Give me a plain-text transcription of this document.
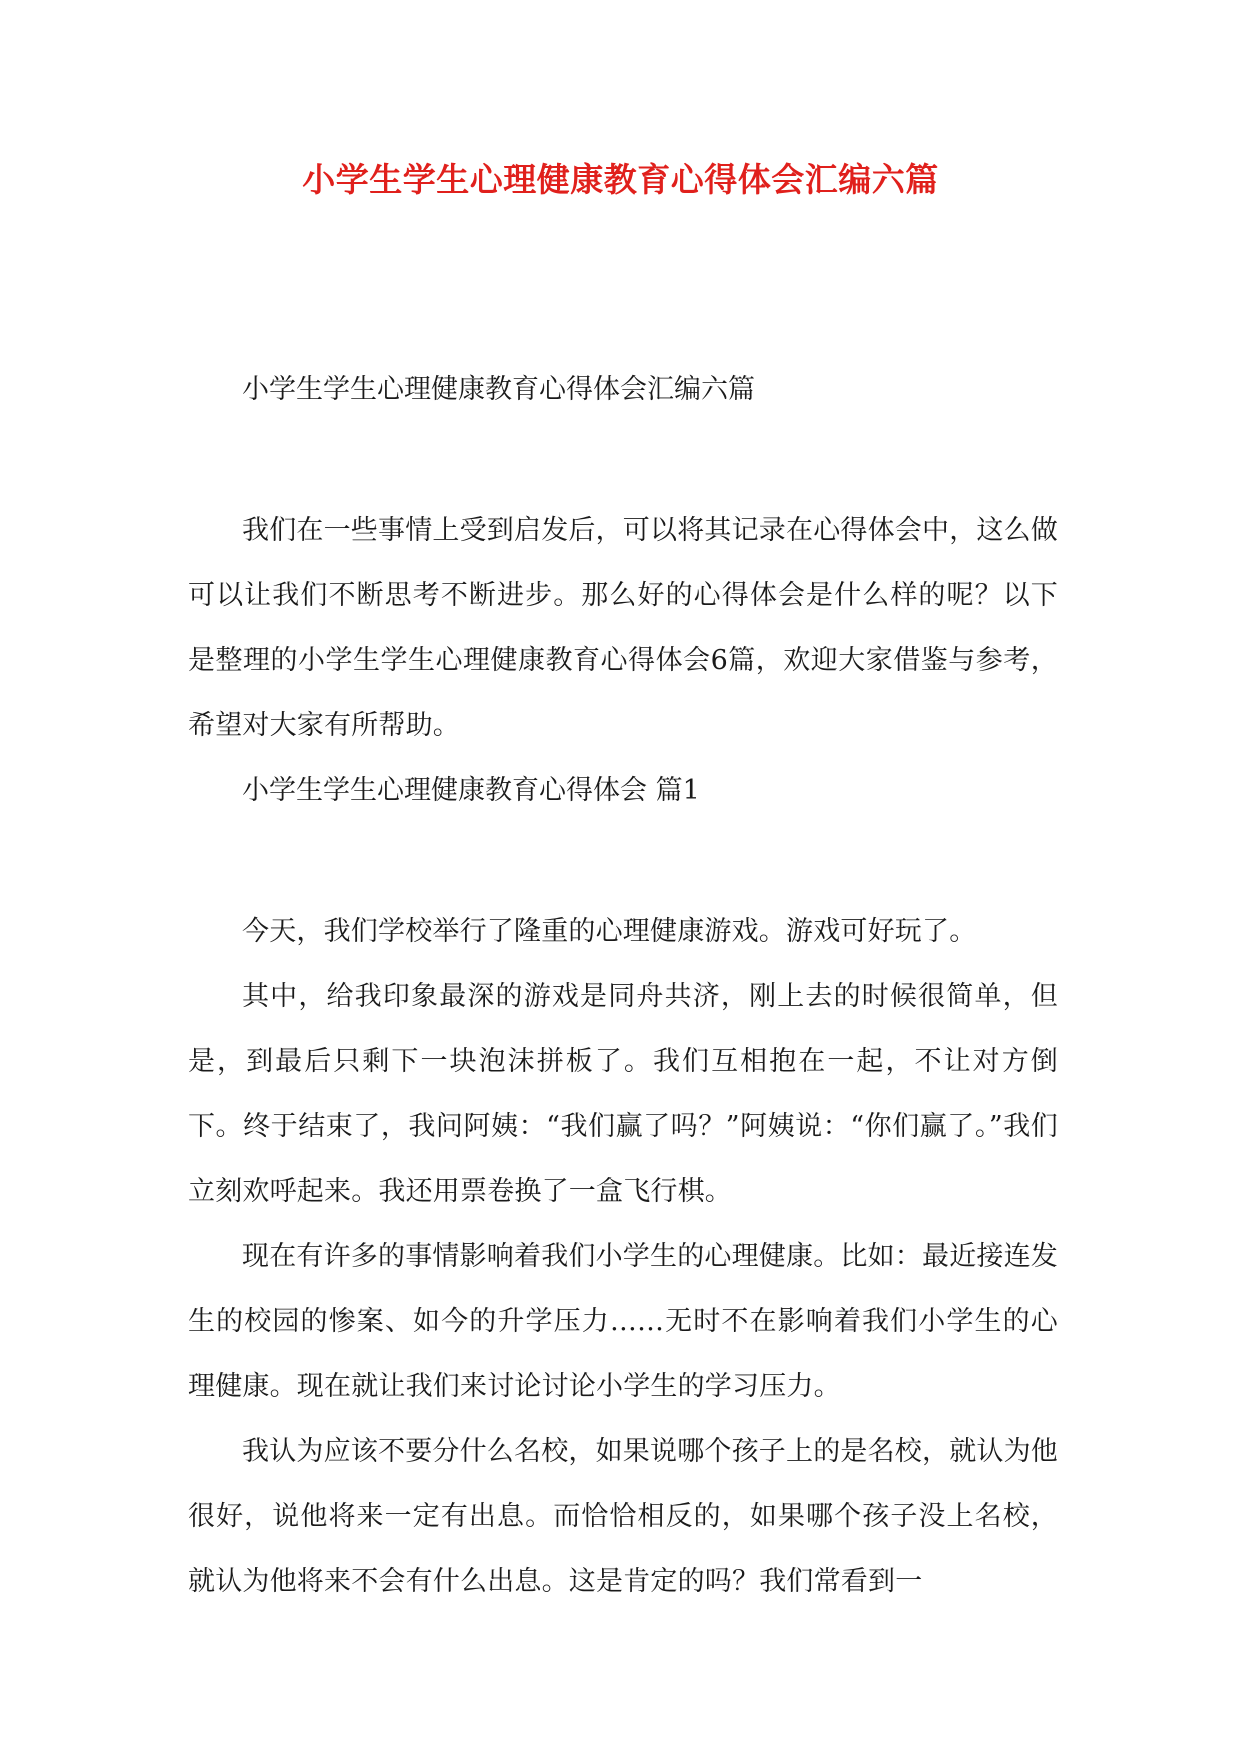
小学生学生心理健康教育心得体会汇编六篇

小学生学生心理健康教育心得体会汇编六篇

我们在一些事情上受到启发后，可以将其记录在心得体会中，这么做可以让我们不断思考不断进步。那么好的心得体会是什么样的呢？以下是整理的小学生学生心理健康教育心得体会6篇，欢迎大家借鉴与参考，希望对大家有所帮助。

小学生学生心理健康教育心得体会 篇1

今天，我们学校举行了隆重的心理健康游戏。游戏可好玩了。

其中，给我印象最深的游戏是同舟共济，刚上去的时候很简单，但是，到最后只剩下一块泡沫拼板了。我们互相抱在一起，不让对方倒下。终于结束了，我问阿姨：“我们赢了吗？”阿姨说：“你们赢了。”我们立刻欢呼起来。我还用票卷换了一盒飞行棋。

现在有许多的事情影响着我们小学生的心理健康。比如：最近接连发生的校园的惨案、如今的升学压力……无时不在影响着我们小学生的心理健康。现在就让我们来讨论讨论小学生的学习压力。

我认为应该不要分什么名校，如果说哪个孩子上的是名校，就认为他很好，说他将来一定有出息。而恰恰相反的，如果哪个孩子没上名校，就认为他将来不会有什么出息。这是肯定的吗？我们常看到一
